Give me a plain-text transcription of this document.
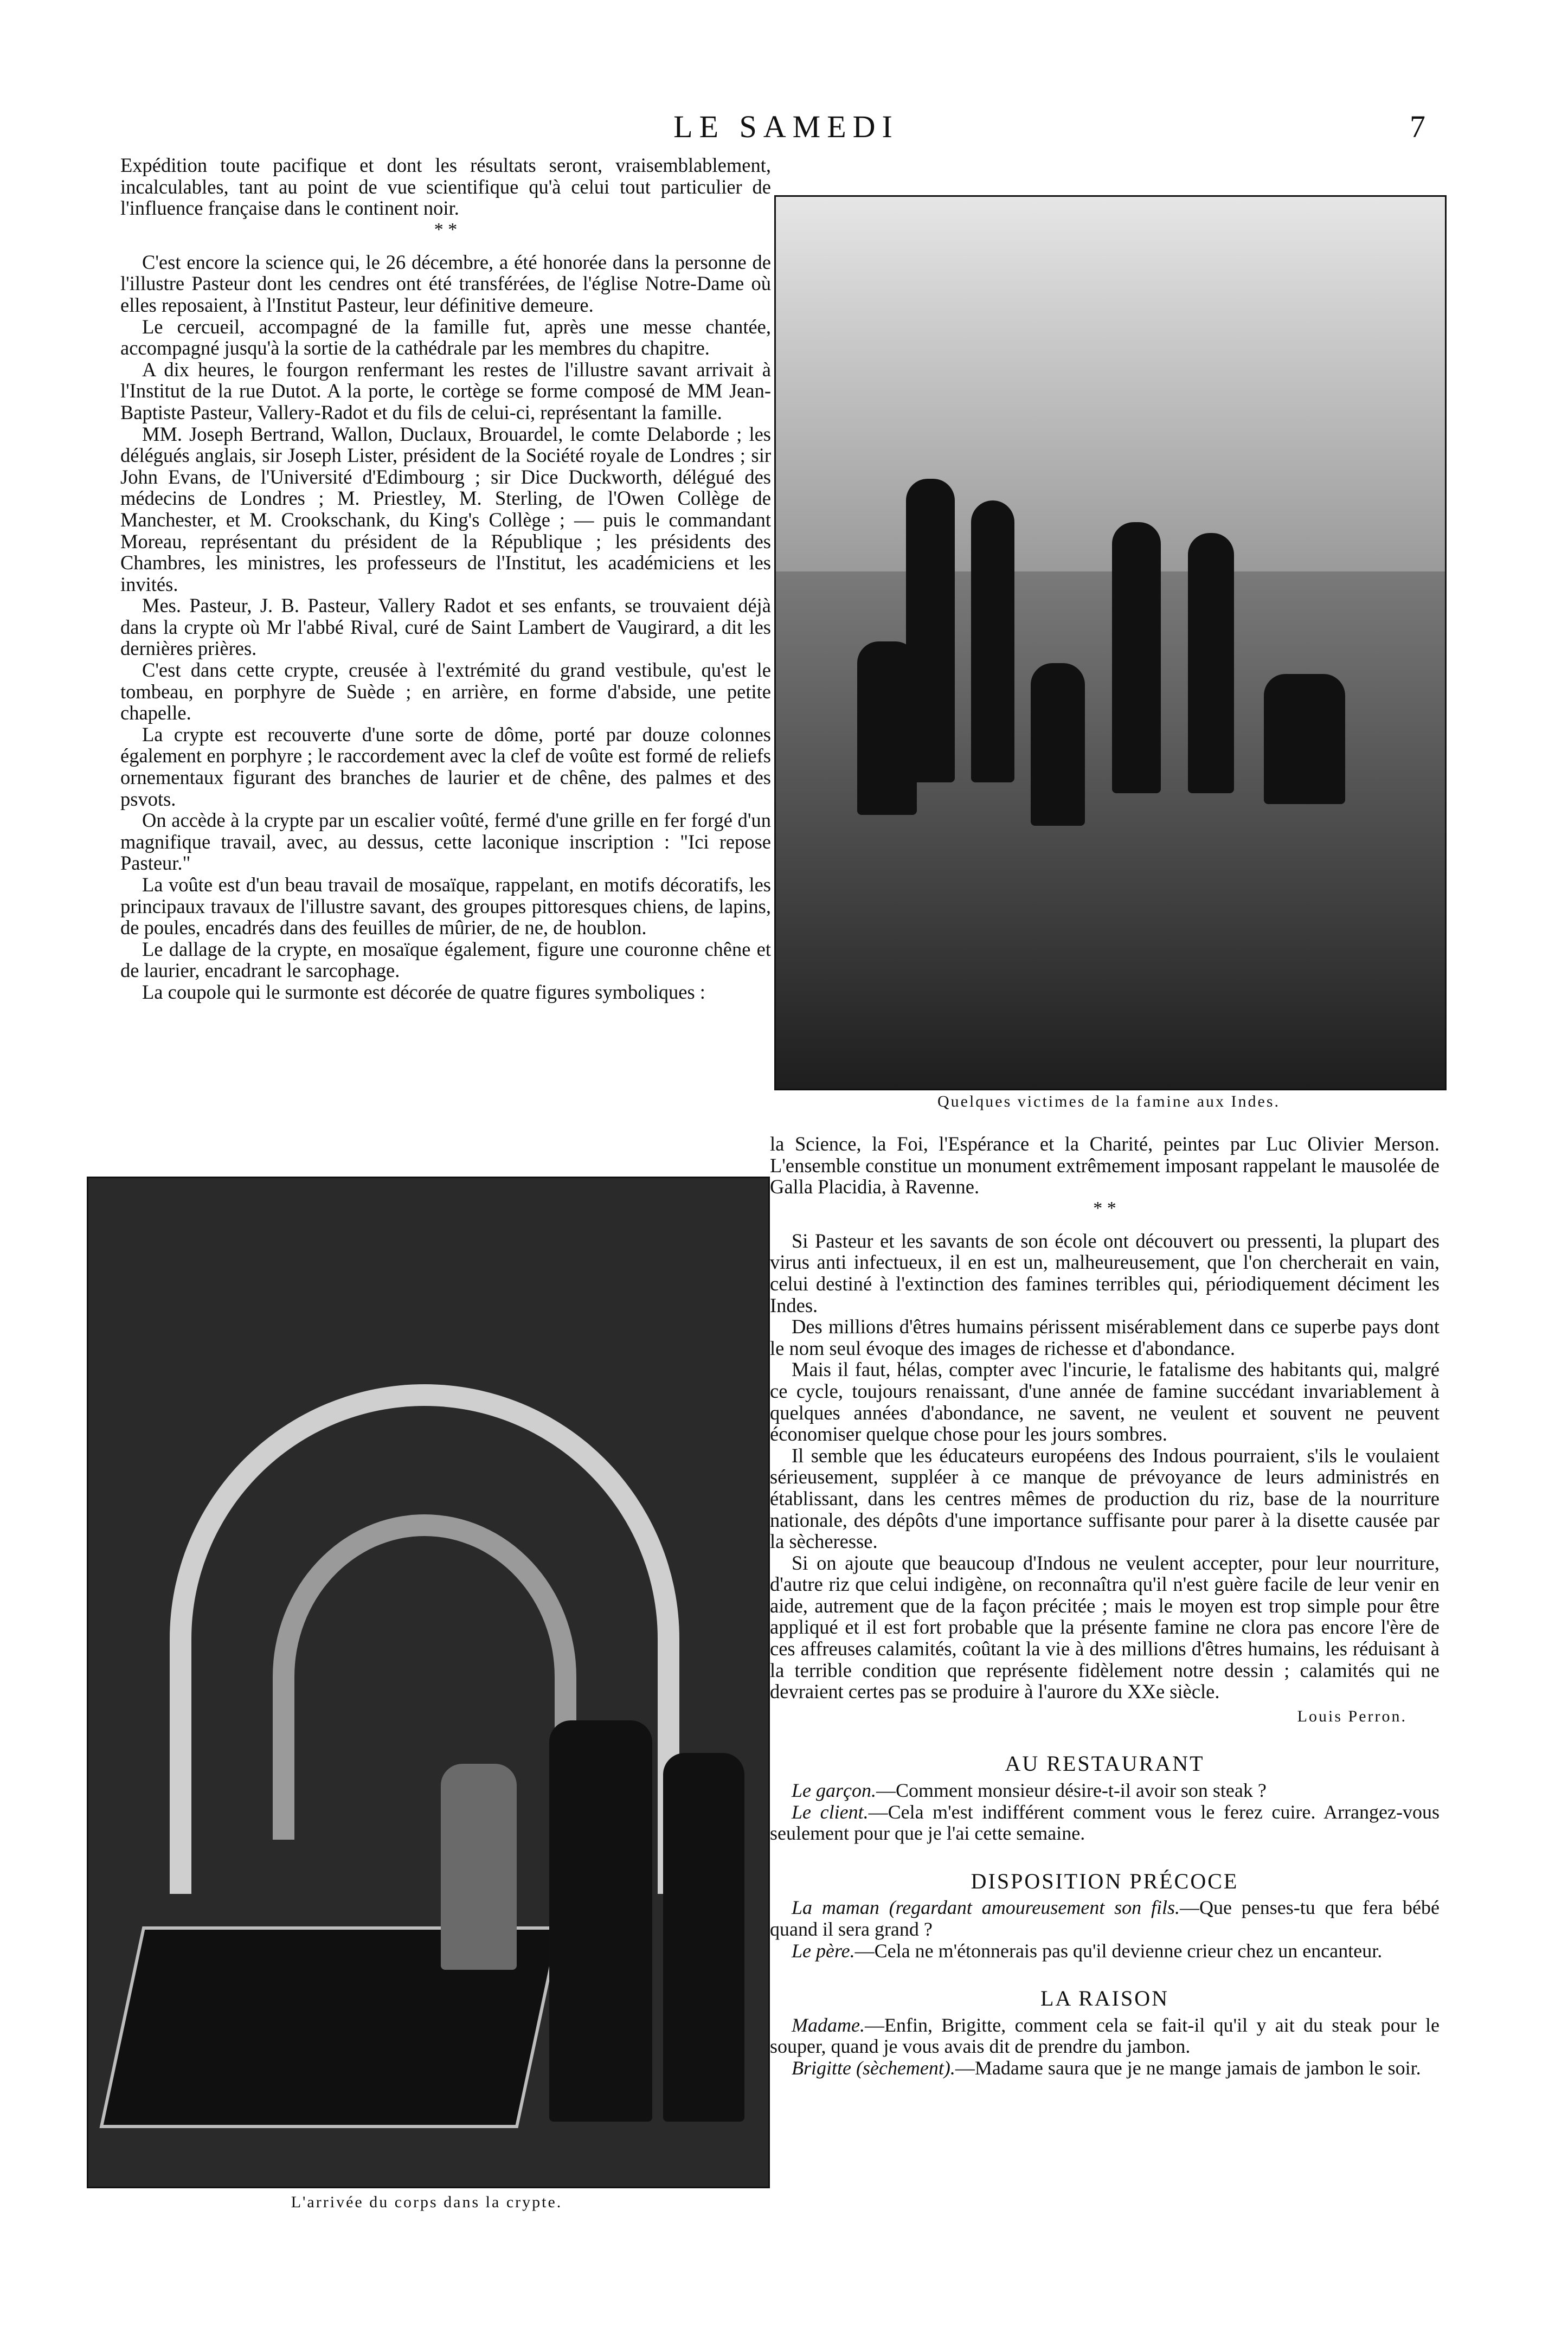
LE SAMEDI	7

Expédition toute pacifique et dont les résultats seront, vraisemblablement, incalculables, tant au point de vue scientifique qu'à celui tout particulier de l'influence française dans le continent noir.

* *

C'est encore la science qui, le 26 décembre, a été honorée dans la personne de l'illustre Pasteur dont les cendres ont été transférées, de l'église Notre-Dame où elles reposaient, à l'Institut Pasteur, leur définitive demeure.

Le cercueil, accompagné de la famille fut, après une messe chantée, accompagné jusqu'à la sortie de la cathédrale par les membres du chapitre.

A dix heures, le fourgon renfermant les restes de l'illustre savant arrivait à l'Institut de la rue Dutot. A la porte, le cortège se forme composé de MM Jean-Baptiste Pasteur, Vallery-Radot et du fils de celui-ci, représentant la famille.

MM. Joseph Bertrand, Wallon, Duclaux, Brouardel, le comte Delaborde ; les délégués anglais, sir Joseph Lister, président de la Société royale de Londres ; sir John Evans, de l'Université d'Edimbourg ; sir Dice Duckworth, délégué des médecins de Londres ; M. Priestley, M. Sterling, de l'Owen Collège de Manchester, et M. Crookschank, du King's Collège ; — puis le commandant Moreau, représentant du président de la République ; les présidents des Chambres, les ministres, les professeurs de l'Institut, les académiciens et les invités.

Mes. Pasteur, J. B. Pasteur, Vallery Radot et ses enfants, se trouvaient déjà dans la crypte où Mr l'abbé Rival, curé de Saint Lambert de Vaugirard, a dit les dernières prières.

C'est dans cette crypte, creusée à l'extrémité du grand vestibule, qu'est le tombeau, en porphyre de Suède ; en arrière, en forme d'abside, une petite chapelle.

La crypte est recouverte d'une sorte de dôme, porté par douze colonnes également en porphyre ; le raccordement avec la clef de voûte est formé de reliefs ornementaux figurant des branches de laurier et de chêne, des palmes et des psvots.

On accède à la crypte par un escalier voûté, fermé d'une grille en fer forgé d'un magnifique travail, avec, au dessus, cette laconique inscription : "Ici repose Pasteur."

La voûte est d'un beau travail de mosaïque, rappelant, en motifs décoratifs, les principaux travaux de l'illustre savant, des groupes pittoresques chiens, de lapins, de poules, encadrés dans des feuilles de mûrier, de ne, de houblon.

Le dallage de la crypte, en mosaïque également, figure une couronne chêne et de laurier, encadrant le sarcophage.

La coupole qui le surmonte est décorée de quatre figures symboliques :

Quelques victimes de la famine aux Indes.
L'arrivée du corps dans la crypte.

la Science, la Foi, l'Espérance et la Charité, peintes par Luc Olivier Merson. L'ensemble constitue un monument extrêmement imposant rappelant le mausolée de Galla Placidia, à Ravenne.

* *

Si Pasteur et les savants de son école ont découvert ou pressenti, la plupart des virus anti infectueux, il en est un, malheureusement, que l'on chercherait en vain, celui destiné à l'extinction des famines terribles qui, périodiquement déciment les Indes.

Des millions d'êtres humains périssent misérablement dans ce superbe pays dont le nom seul évoque des images de richesse et d'abondance.

Mais il faut, hélas, compter avec l'incurie, le fatalisme des habitants qui, malgré ce cycle, toujours renaissant, d'une année de famine succédant invariablement à quelques années d'abondance, ne savent, ne veulent et souvent ne peuvent économiser quelque chose pour les jours sombres.

Il semble que les éducateurs européens des Indous pourraient, s'ils le voulaient sérieusement, suppléer à ce manque de prévoyance de leurs administrés en établissant, dans les centres mêmes de production du riz, base de la nourriture nationale, des dépôts d'une importance suffisante pour parer à la disette causée par la sècheresse.

Si on ajoute que beaucoup d'Indous ne veulent accepter, pour leur nourriture, d'autre riz que celui indigène, on reconnaîtra qu'il n'est guère facile de leur venir en aide, autrement que de la façon précitée ; mais le moyen est trop simple pour être appliqué et il est fort probable que la présente famine ne clora pas encore l'ère de ces affreuses calamités, coûtant la vie à des millions d'êtres humains, les réduisant à la terrible condition que représente fidèlement notre dessin ; calamités qui ne devraient certes pas se produire à l'aurore du XXe siècle.

Louis Perron.
AU RESTAURANT

Le garçon.—Comment monsieur désire-t-il avoir son steak ?

Le client.—Cela m'est indifférent comment vous le ferez cuire. Arrangez-vous seulement pour que je l'ai cette semaine.

DISPOSITION PRÉCOCE

La maman (regardant amoureusement son fils.—Que penses-tu que fera bébé quand il sera grand ?

Le père.—Cela ne m'étonnerais pas qu'il devienne crieur chez un encanteur.

LA RAISON

Madame.—Enfin, Brigitte, comment cela se fait-il qu'il y ait du steak pour le souper, quand je vous avais dit de prendre du jambon.

Brigitte (sèchement).—Madame saura que je ne mange jamais de jambon le soir.
